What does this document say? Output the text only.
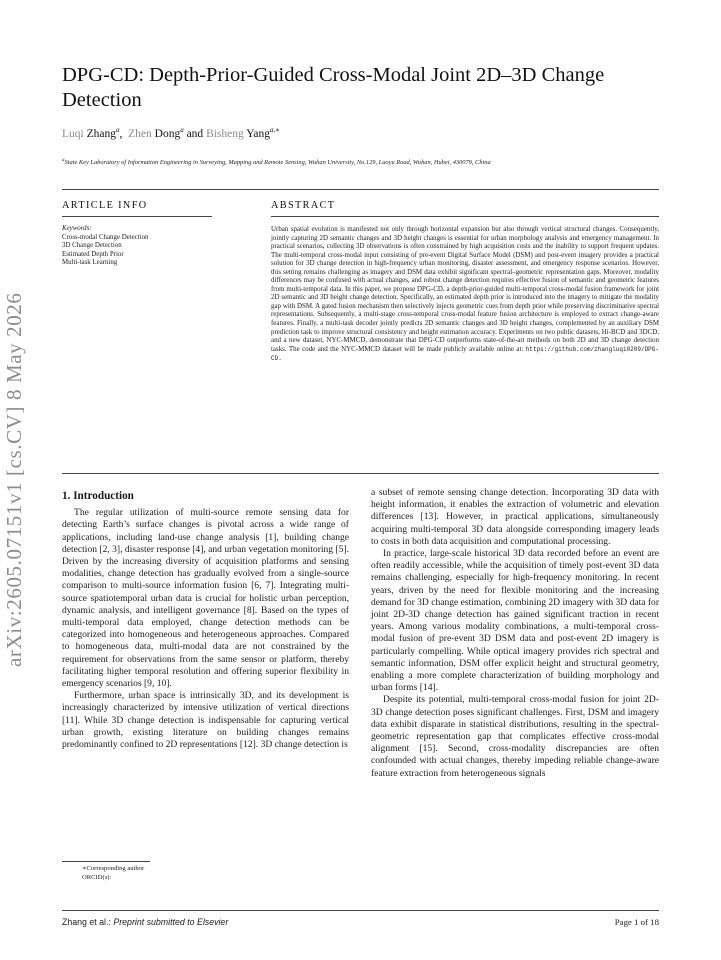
arXiv:2605.07151v1 [cs.CV] 8 May 2026
DPG-CD: Depth-Prior-Guided Cross-Modal Joint 2D–3D Change Detection
Luqi Zhang$^a$,  Zhen Dong$^a$ and Bisheng Yang$^{a,∗}$
$^a$State Key Laboratory of Information Engineering in Surveying, Mapping and Remote Sensing, Wuhan University, No.129, Luoyu Road, Wuhan, Hubei, 430079, China
ARTICLE INFO	ABSTRACT
Keywords:
Cross-modal Change Detection
3D Change Detection
Estimated Depth Prior
Multi-task Learning
Urban spatial evolution is manifested not only through horizontal expansion but also through vertical structural changes. Consequently, jointly capturing 2D semantic changes and 3D height changes is essential for urban morphology analysis and emergency management. In practical scenarios, collecting 3D observations is often constrained by high acquisition costs and the inability to support frequent updates. The multi-temporal cross-modal input consisting of pre-event Digital Surface Model (DSM) and post-event imagery provides a practical solution for 3D change detection in high-frequency urban monitoring, disaster assessment, and emergency response scenarios. However, this setting remains challenging as imagery and DSM data exhibit significant spectral–geometric representation gaps. Moreover, modality differences may be confused with actual changes, and robust change detection requires effective fusion of semantic and geometric features from multi-temporal data. In this paper, we propose DPG-CD, a depth-prior-guided multi-temporal cross-modal fusion framework for joint 2D semantic and 3D height change detection. Specifically, an estimated depth prior is introduced into the imagery to mitigate the modality gap with DSM. A gated fusion mechanism then selectively injects geometric cues from depth prior while preserving discriminative spectral representations. Subsequently, a multi-stage cross-temporal cross-modal feature fusion architecture is employed to extract change-aware features. Finally, a multi-task decoder jointly predicts 2D semantic changes and 3D height changes, complemented by an auxiliary DSM prediction task to improve structural consistency and height estimation accuracy. Experiments on two public datasets, Hi-BCD and 3DCD, and a new dataset, NYC-MMCD, demonstrate that DPG-CD outperforms state-of-the-art methods on both 2D and 3D change detection tasks. The code and the NYC-MMCD dataset will be made publicly available online at: https://github.com/zhangluqi0209/DPG-CD.
1. Introduction

The regular utilization of multi-source remote sensing data for detecting Earth’s surface changes is pivotal across a wide range of applications, including land-use change analysis [1], building change detection [2, 3], disaster response [4], and urban vegetation monitoring [5]. Driven by the increasing diversity of acquisition platforms and sensing modalities, change detection has gradually evolved from a single-source comparison to multi-source information fusion [6, 7]. Integrating multi-source spatiotemporal urban data is crucial for holistic urban perception, dynamic analysis, and intelligent governance [8]. Based on the types of multi-temporal data employed, change detection methods can be categorized into homogeneous and heterogeneous approaches. Compared to homogeneous data, multi-modal data are not constrained by the requirement for observations from the same sensor or platform, thereby facilitating higher temporal resolution and offering superior flexibility in emergency scenarios [9, 10].

Furthermore, urban space is intrinsically 3D, and its development is increasingly characterized by intensive utilization of vertical directions [11]. While 3D change detection is indispensable for capturing vertical urban growth, existing literature on building changes remains predominantly confined to 2D representations [12]. 3D change detection is

∗Corresponding author
ORCID(s):

a subset of remote sensing change detection. Incorporating 3D data with height information, it enables the extraction of volumetric and elevation differences [13]. However, in practical applications, simultaneously acquiring multi-temporal 3D data alongside corresponding imagery leads to costs in both data acquisition and computational processing.

In practice, large-scale historical 3D data recorded before an event are often readily accessible, while the acquisition of timely post-event 3D data remains challenging, especially for high-frequency monitoring. In recent years, driven by the need for flexible monitoring and the increasing demand for 3D change estimation, combining 2D imagery with 3D data for joint 2D-3D change detection has gained significant traction in recent years. Among various modality combinations, a multi-temporal cross-modal fusion of pre-event 3D DSM data and post-event 2D imagery is particularly compelling. While optical imagery provides rich spectral and semantic information, DSM offer explicit height and structural geometry, enabling a more complete characterization of building morphology and urban forms [14].

Despite its potential, multi-temporal cross-modal fusion for joint 2D-3D change detection poses significant challenges. First, DSM and imagery data exhibit disparate in statistical distributions, resulting in the spectral-geometric representation gap that complicates effective cross-modal alignment [15]. Second, cross-modality discrepancies are often confounded with actual changes, thereby impeding reliable change-aware feature extraction from heterogeneous signals

Zhang et al.: Preprint submitted to Elsevier	Page 1 of 18
